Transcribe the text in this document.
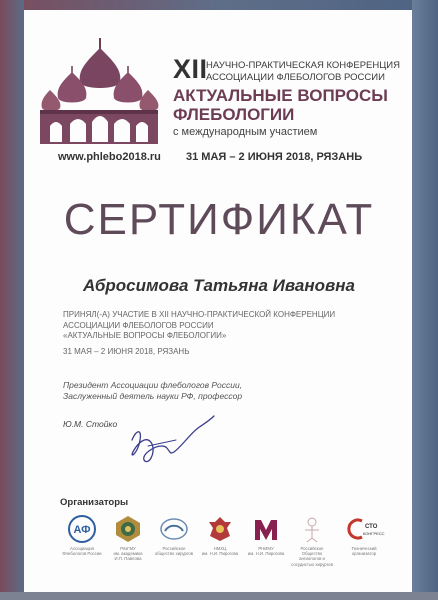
XII
НАУЧНО-ПРАКТИЧЕСКАЯ КОНФЕРЕНЦИЯ
АССОЦИАЦИИ ФЛЕБОЛОГОВ РОССИИ
АКТУАЛЬНЫЕ ВОПРОСЫ
ФЛЕБОЛОГИИ
с международным участием
www.phlebo2018.ru 31 МАЯ – 2 ИЮНЯ 2018, РЯЗАНЬ
СЕРТИФИКАТ
Абросимова Татьяна Ивановна
ПРИНЯЛ(-А) УЧАСТИЕ В XII НАУЧНО-ПРАКТИЧЕСКОЙ КОНФЕРЕНЦИИ
АССОЦИАЦИИ ФЛЕБОЛОГОВ РОССИИ
«АКТУАЛЬНЫЕ ВОПРОСЫ ФЛЕБОЛОГИИ»
31 МАЯ – 2 ИЮНЯ 2018, РЯЗАНЬ
Президент Ассоциации флебологов России,
Заслуженный деятель науки РФ, профессор
Ю.М. Стойко
Организаторы
АФ
Ассоциация
Флебологов России
РязГМУ
им. академика
И.П. Павлова
Российское
общество хирургов
НМХЦ
им. Н.И. Пирогова
РНИМУ
им. Н.И. Пирогова
Российское
Общество
ангиологов и сосудистых хирургов
СТО
КОНГРЕСС
Технический
организатор
